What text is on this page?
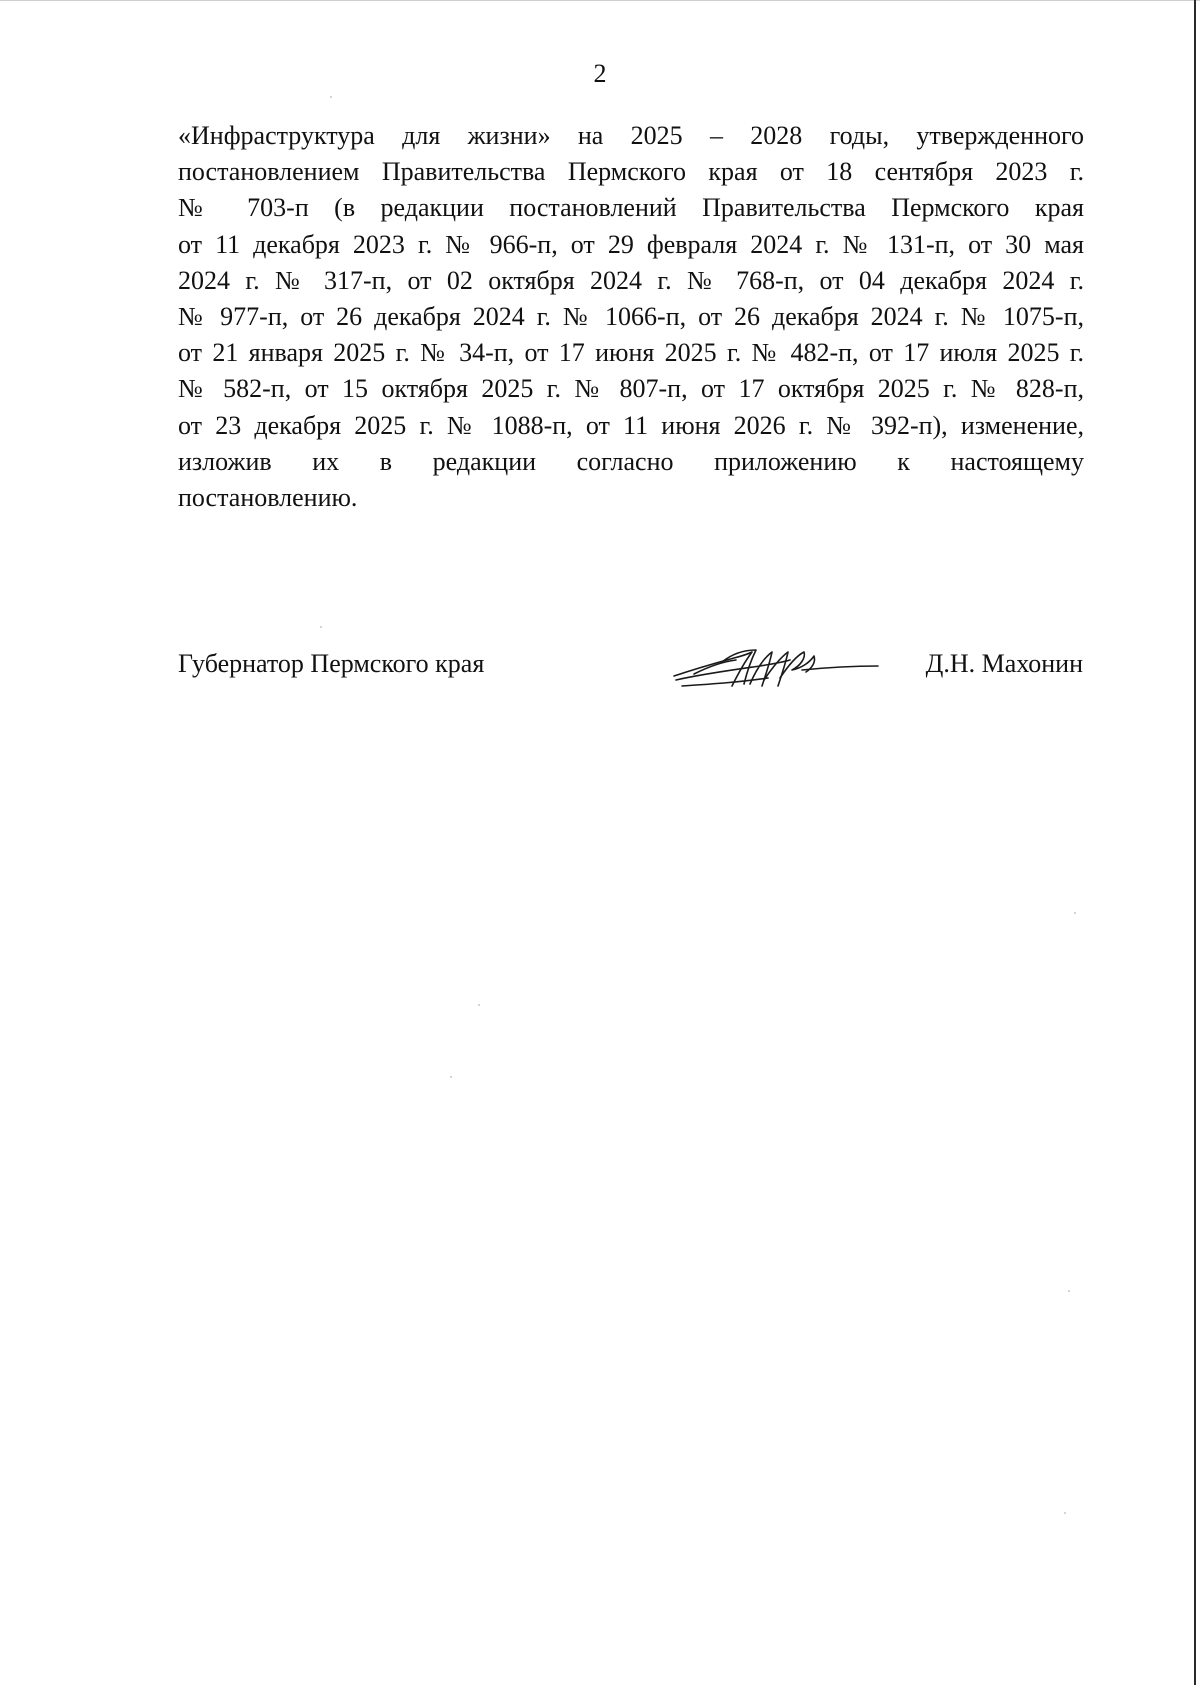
2
«Инфраструктура для жизни» на 2025 – 2028 годы, утвержденного
постановлением Правительства Пермского края от 18 сентября 2023 г.
№ 703-п (в редакции постановлений Правительства Пермского края
от 11 декабря 2023 г. № 966-п, от 29 февраля 2024 г. № 131-п, от 30 мая
2024 г. № 317-п, от 02 октября 2024 г. № 768-п, от 04 декабря 2024 г.
№ 977-п, от 26 декабря 2024 г. № 1066-п, от 26 декабря 2024 г. № 1075-п,
от 21 января 2025 г. № 34-п, от 17 июня 2025 г. № 482-п, от 17 июля 2025 г.
№ 582-п, от 15 октября 2025 г. № 807-п, от 17 октября 2025 г. № 828-п,
от 23 декабря 2025 г. № 1088-п, от 11 июня 2026 г. № 392-п), изменение,
изложив их в редакции согласно приложению к настоящему
постановлению.
Губернатор Пермского края	Д.Н. Махонин
